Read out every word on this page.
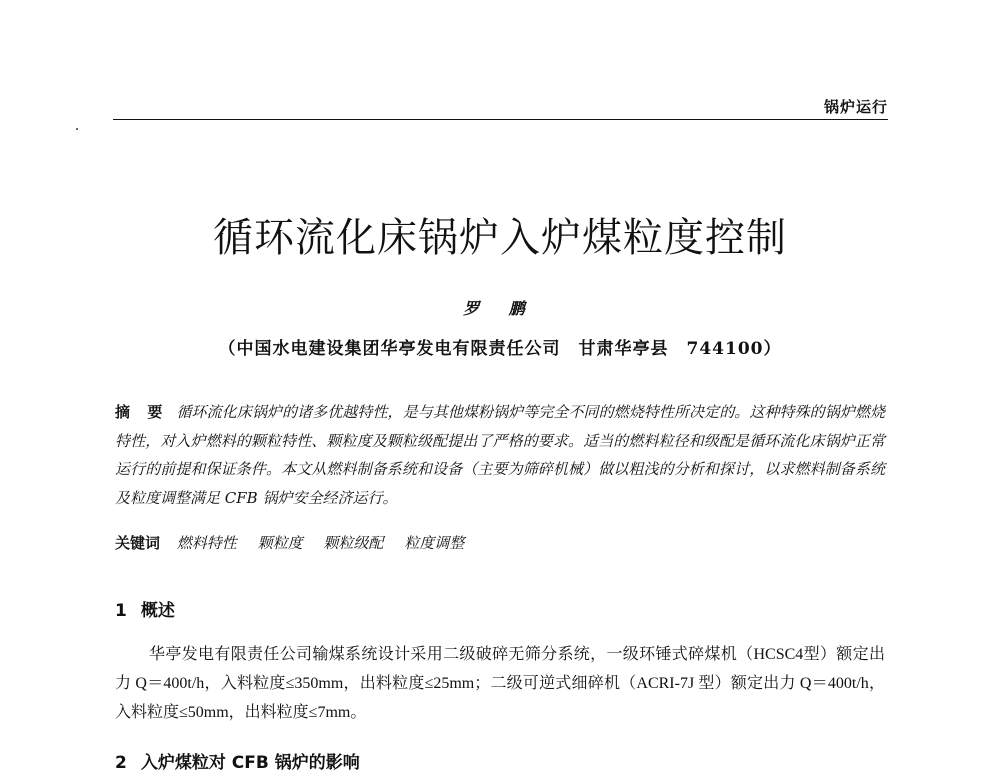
锅炉运行
循环流化床锅炉入炉煤粒度控制
罗 鹏
（中国水电建设集团华亭发电有限责任公司　甘肃华亭县　744100）
摘 要 循环流化床锅炉的诸多优越特性，是与其他煤粉锅炉等完全不同的燃烧特性所决定的。这种特殊的锅炉燃烧特性，对入炉燃料的颗粒特性、颗粒度及颗粒级配提出了严格的要求。适当的燃料粒径和级配是循环流化床锅炉正常运行的前提和保证条件。本文从燃料制备系统和设备（主要为筛碎机械）做以粗浅的分析和探讨，以求燃料制备系统及粒度调整满足 CFB 锅炉安全经济运行。
关键词 燃料特性 颗粒度 颗粒级配 粒度调整
1 概述
华亭发电有限责任公司输煤系统设计采用二级破碎无筛分系统，一级环锤式碎煤机（HCSC4型）额定出力 Q＝400t/h，入料粒度≤350mm，出料粒度≤25mm；二级可逆式细碎机（ACRI-7J 型）额定出力 Q＝400t/h，入料粒度≤50mm，出料粒度≤7mm。
2 入炉煤粒对 CFB 锅炉的影响
